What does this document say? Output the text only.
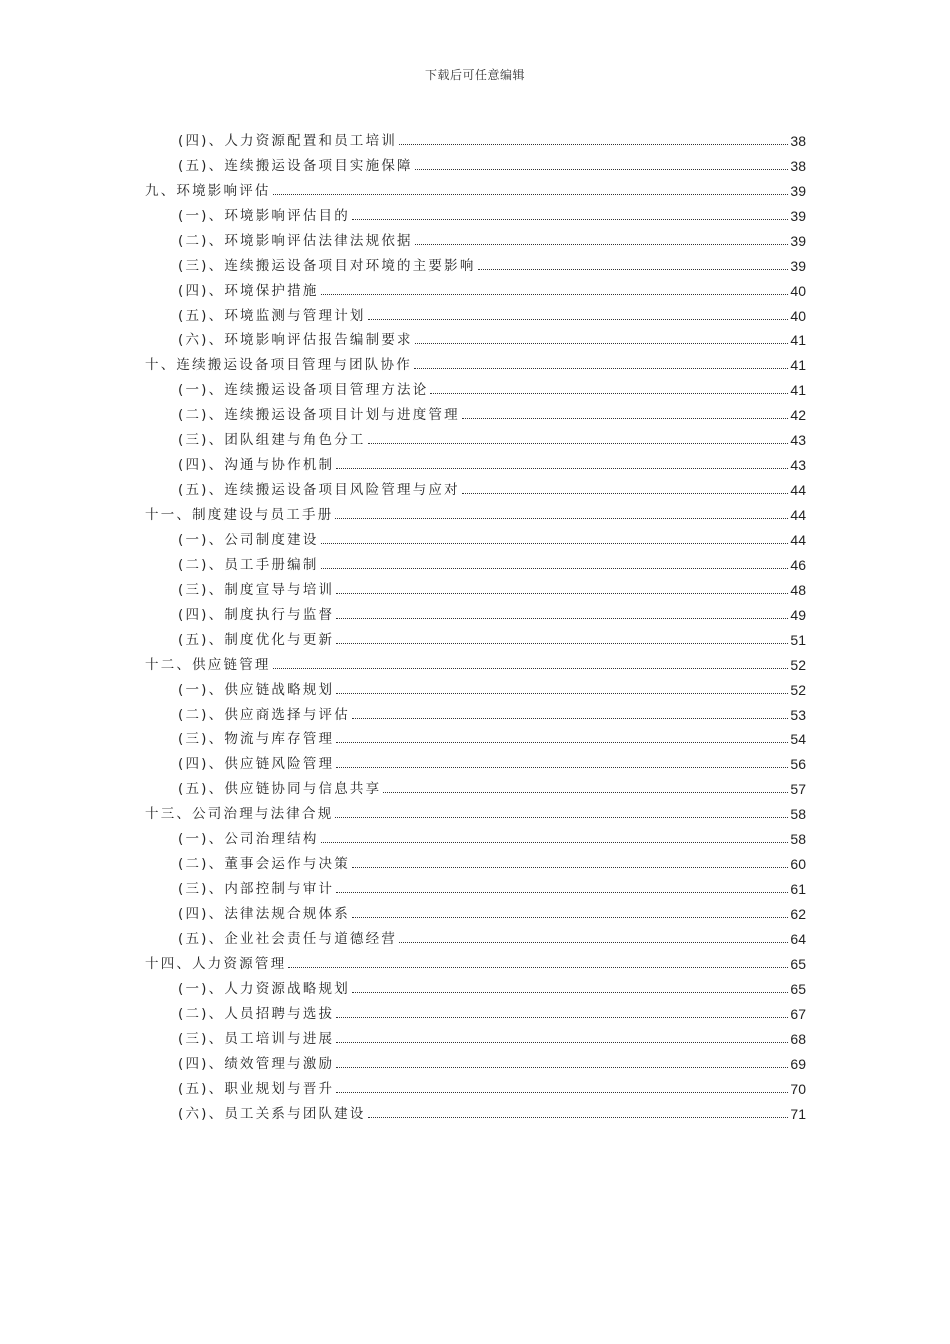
下载后可任意编辑
(四)、人力资源配置和员工培训	38
(五)、连续搬运设备项目实施保障	38
九、环境影响评估	39
(一)、环境影响评估目的	39
(二)、环境影响评估法律法规依据	39
(三)、连续搬运设备项目对环境的主要影响	39
(四)、环境保护措施	40
(五)、环境监测与管理计划	40
(六)、环境影响评估报告编制要求	41
十、连续搬运设备项目管理与团队协作	41
(一)、连续搬运设备项目管理方法论	41
(二)、连续搬运设备项目计划与进度管理	42
(三)、团队组建与角色分工	43
(四)、沟通与协作机制	43
(五)、连续搬运设备项目风险管理与应对	44
十一、制度建设与员工手册	44
(一)、公司制度建设	44
(二)、员工手册编制	46
(三)、制度宣导与培训	48
(四)、制度执行与监督	49
(五)、制度优化与更新	51
十二、供应链管理	52
(一)、供应链战略规划	52
(二)、供应商选择与评估	53
(三)、物流与库存管理	54
(四)、供应链风险管理	56
(五)、供应链协同与信息共享	57
十三、公司治理与法律合规	58
(一)、公司治理结构	58
(二)、董事会运作与决策	60
(三)、内部控制与审计	61
(四)、法律法规合规体系	62
(五)、企业社会责任与道德经营	64
十四、人力资源管理	65
(一)、人力资源战略规划	65
(二)、人员招聘与选拔	67
(三)、员工培训与进展	68
(四)、绩效管理与激励	69
(五)、职业规划与晋升	70
(六)、员工关系与团队建设	71
